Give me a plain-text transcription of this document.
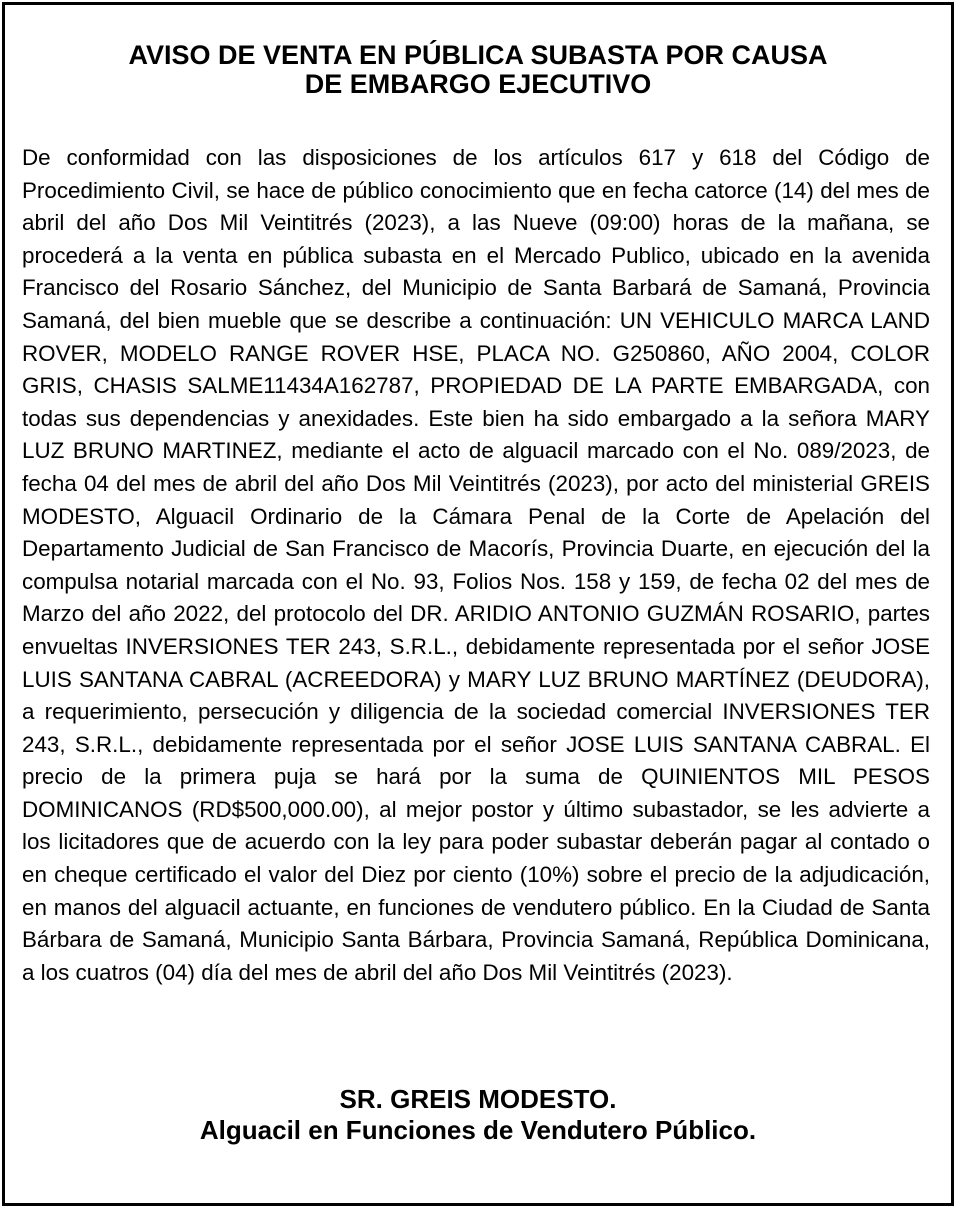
AVISO DE VENTA EN PÚBLICA SUBASTA POR CAUSA
DE EMBARGO EJECUTIVO

De conformidad con las disposiciones de los artículos 617 y 618 del Código de Procedimiento Civil, se hace de público conocimiento que en fecha catorce (14) del mes de abril del año Dos Mil Veintitrés (2023), a las Nueve (09:00) horas de la mañana, se procederá a la venta en pública subasta en el Mercado Publico, ubicado en la avenida Francisco del Rosario Sánchez, del Municipio de Santa Barbará de Samaná, Provincia Samaná, del bien mueble que se describe a continuación: UN VEHICULO MARCA LAND ROVER, MODELO RANGE ROVER HSE, PLACA NO. G250860, AÑO 2004, COLOR GRIS, CHASIS SALME11434A162787, PROPIEDAD DE LA PARTE EMBARGADA, con todas sus dependencias y anexidades. Este bien ha sido embargado a la señora MARY LUZ BRUNO MARTINEZ, mediante el acto de alguacil marcado con el No. 089/2023, de fecha 04 del mes de abril del año Dos Mil Veintitrés (2023), por acto del ministerial GREIS MODESTO, Alguacil Ordinario de la Cámara Penal de la Corte de Apelación del Departamento Judicial de San Francisco de Macorís, Provincia Duarte, en ejecución del la compulsa notarial marcada con el No. 93, Folios Nos. 158 y 159, de fecha 02 del mes de Marzo del año 2022, del protocolo del DR. ARIDIO ANTONIO GUZMÁN ROSARIO, partes envueltas INVERSIONES TER 243, S.R.L., debidamente representada por el señor JOSE LUIS SANTANA CABRAL (ACREEDORA) y MARY LUZ BRUNO MARTÍNEZ (DEUDORA), a requerimiento, persecución y diligencia de la sociedad comercial INVERSIONES TER 243, S.R.L., debidamente representada por el señor JOSE LUIS SANTANA CABRAL. El precio de la primera puja se hará por la suma de QUINIENTOS MIL PESOS DOMINICANOS (RD$500,000.00), al mejor postor y último subastador, se les advierte a los licitadores que de acuerdo con la ley para poder subastar deberán pagar al contado o en cheque certificado el valor del Diez por ciento (10%) sobre el precio de la adjudicación, en manos del alguacil actuante, en funciones de vendutero público. En la Ciudad de Santa Bárbara de Samaná, Municipio Santa Bárbara, Provincia Samaná, República Dominicana, a los cuatros (04) día del mes de abril del año Dos Mil Veintitrés (2023).

SR. GREIS MODESTO.
Alguacil en Funciones de Vendutero Público.
